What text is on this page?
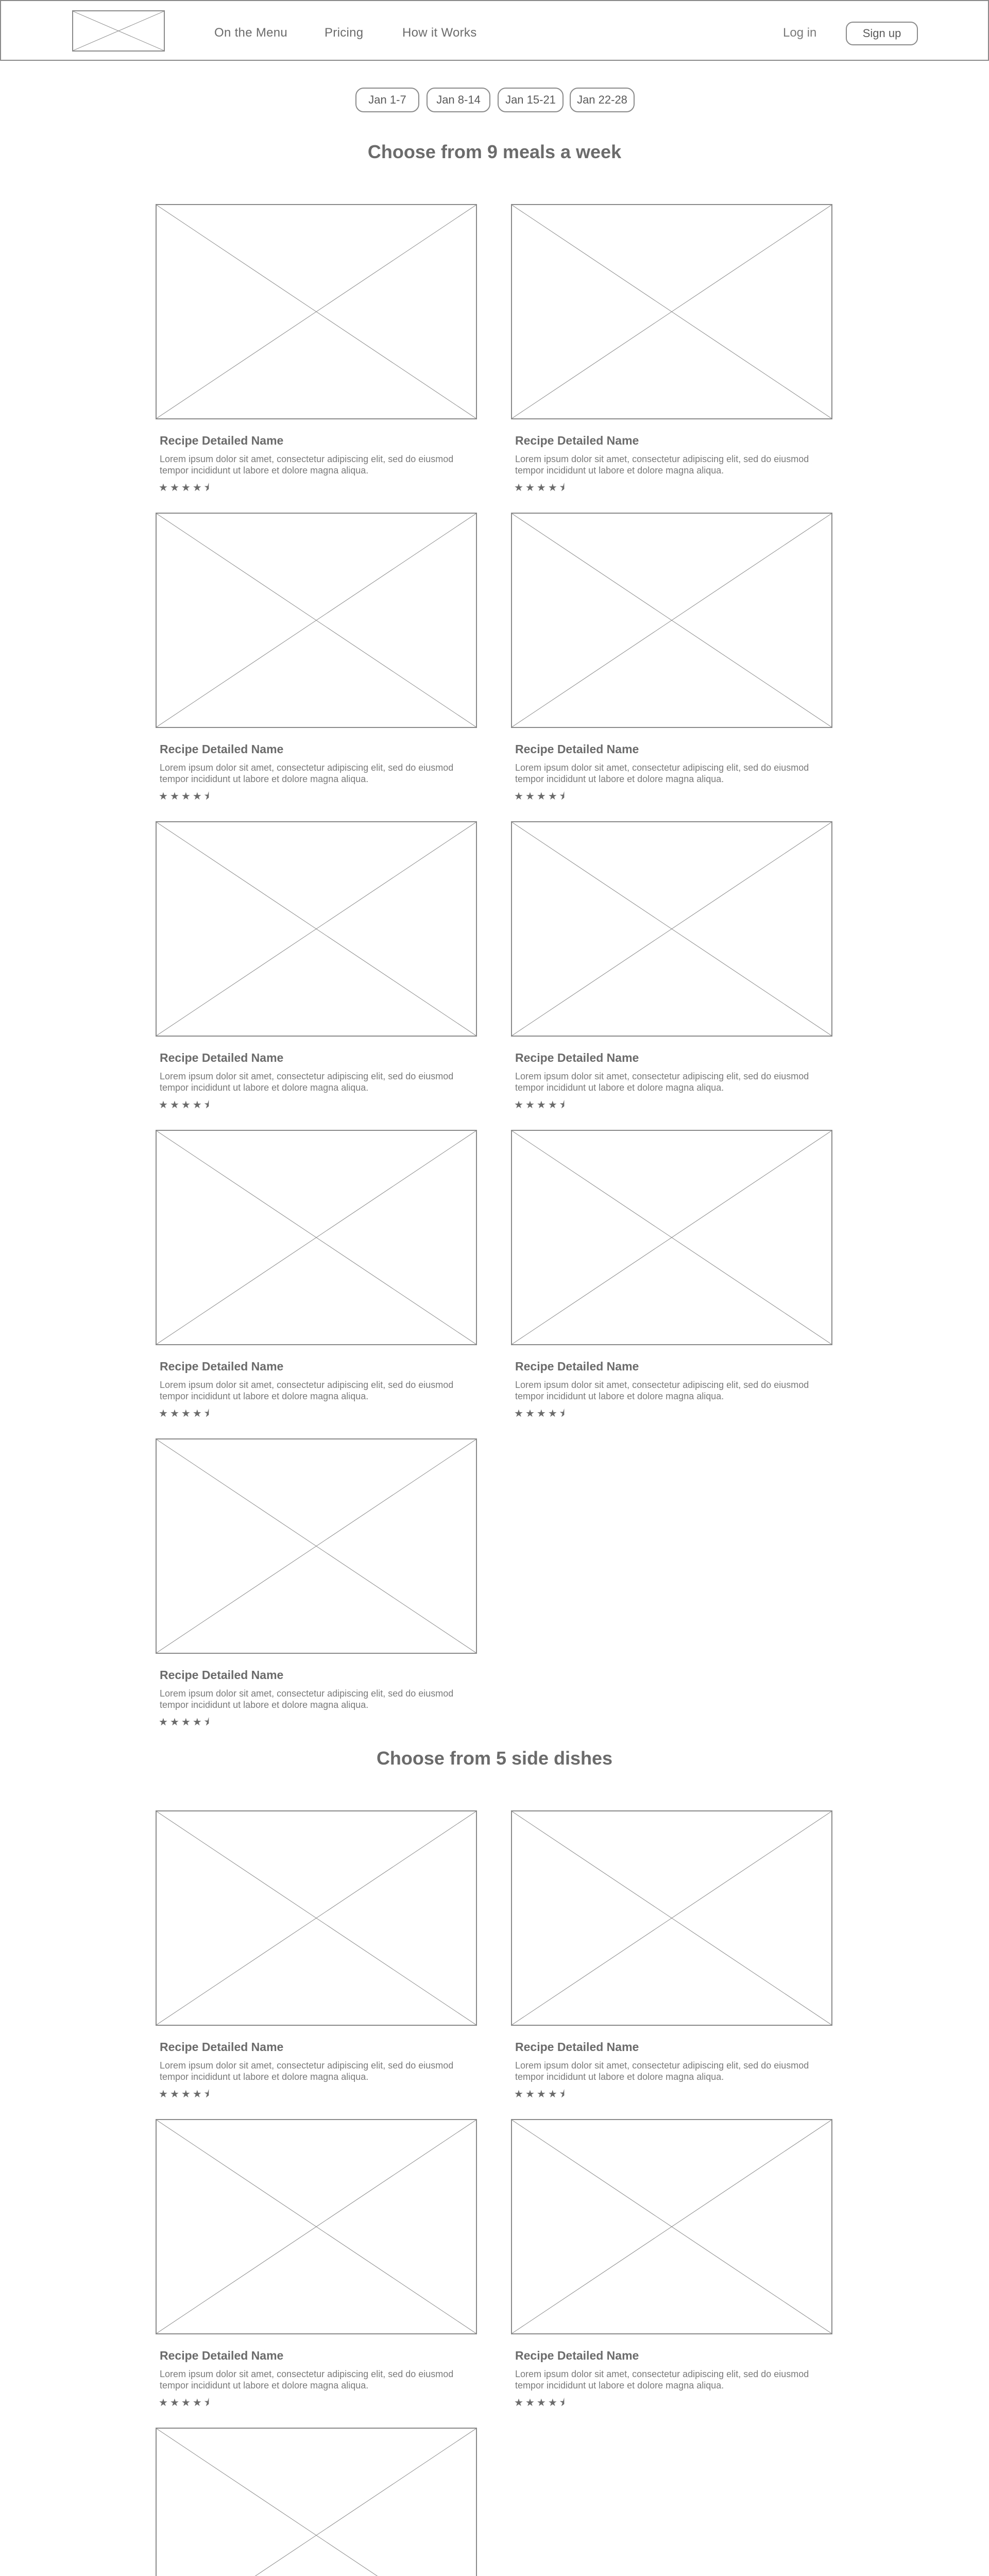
On the Menu	Pricing	How it Works	Log in	Sign up
Jan 1-7	Jan 8-14	Jan 15-21	Jan 22-28
Choose from 9 meals a week
Recipe Detailed Name
Lorem ipsum dolor sit amet, consectetur adipiscing elit, sed do eiusmod tempor incididunt ut labore et dolore magna aliqua.
★ ★ ★ ★ ⯨
Recipe Detailed Name
Lorem ipsum dolor sit amet, consectetur adipiscing elit, sed do eiusmod tempor incididunt ut labore et dolore magna aliqua.
★ ★ ★ ★ ⯨
Recipe Detailed Name
Lorem ipsum dolor sit amet, consectetur adipiscing elit, sed do eiusmod tempor incididunt ut labore et dolore magna aliqua.
★ ★ ★ ★ ⯨
Recipe Detailed Name
Lorem ipsum dolor sit amet, consectetur adipiscing elit, sed do eiusmod tempor incididunt ut labore et dolore magna aliqua.
★ ★ ★ ★ ⯨
Recipe Detailed Name
Lorem ipsum dolor sit amet, consectetur adipiscing elit, sed do eiusmod tempor incididunt ut labore et dolore magna aliqua.
★ ★ ★ ★ ⯨
Recipe Detailed Name
Lorem ipsum dolor sit amet, consectetur adipiscing elit, sed do eiusmod tempor incididunt ut labore et dolore magna aliqua.
★ ★ ★ ★ ⯨
Recipe Detailed Name
Lorem ipsum dolor sit amet, consectetur adipiscing elit, sed do eiusmod tempor incididunt ut labore et dolore magna aliqua.
★ ★ ★ ★ ⯨
Recipe Detailed Name
Lorem ipsum dolor sit amet, consectetur adipiscing elit, sed do eiusmod tempor incididunt ut labore et dolore magna aliqua.
★ ★ ★ ★ ⯨
Recipe Detailed Name
Lorem ipsum dolor sit amet, consectetur adipiscing elit, sed do eiusmod tempor incididunt ut labore et dolore magna aliqua.
★ ★ ★ ★ ⯨
Choose from 5 side dishes
Recipe Detailed Name
Lorem ipsum dolor sit amet, consectetur adipiscing elit, sed do eiusmod tempor incididunt ut labore et dolore magna aliqua.
★ ★ ★ ★ ⯨
Recipe Detailed Name
Lorem ipsum dolor sit amet, consectetur adipiscing elit, sed do eiusmod tempor incididunt ut labore et dolore magna aliqua.
★ ★ ★ ★ ⯨
Recipe Detailed Name
Lorem ipsum dolor sit amet, consectetur adipiscing elit, sed do eiusmod tempor incididunt ut labore et dolore magna aliqua.
★ ★ ★ ★ ⯨
Recipe Detailed Name
Lorem ipsum dolor sit amet, consectetur adipiscing elit, sed do eiusmod tempor incididunt ut labore et dolore magna aliqua.
★ ★ ★ ★ ⯨
